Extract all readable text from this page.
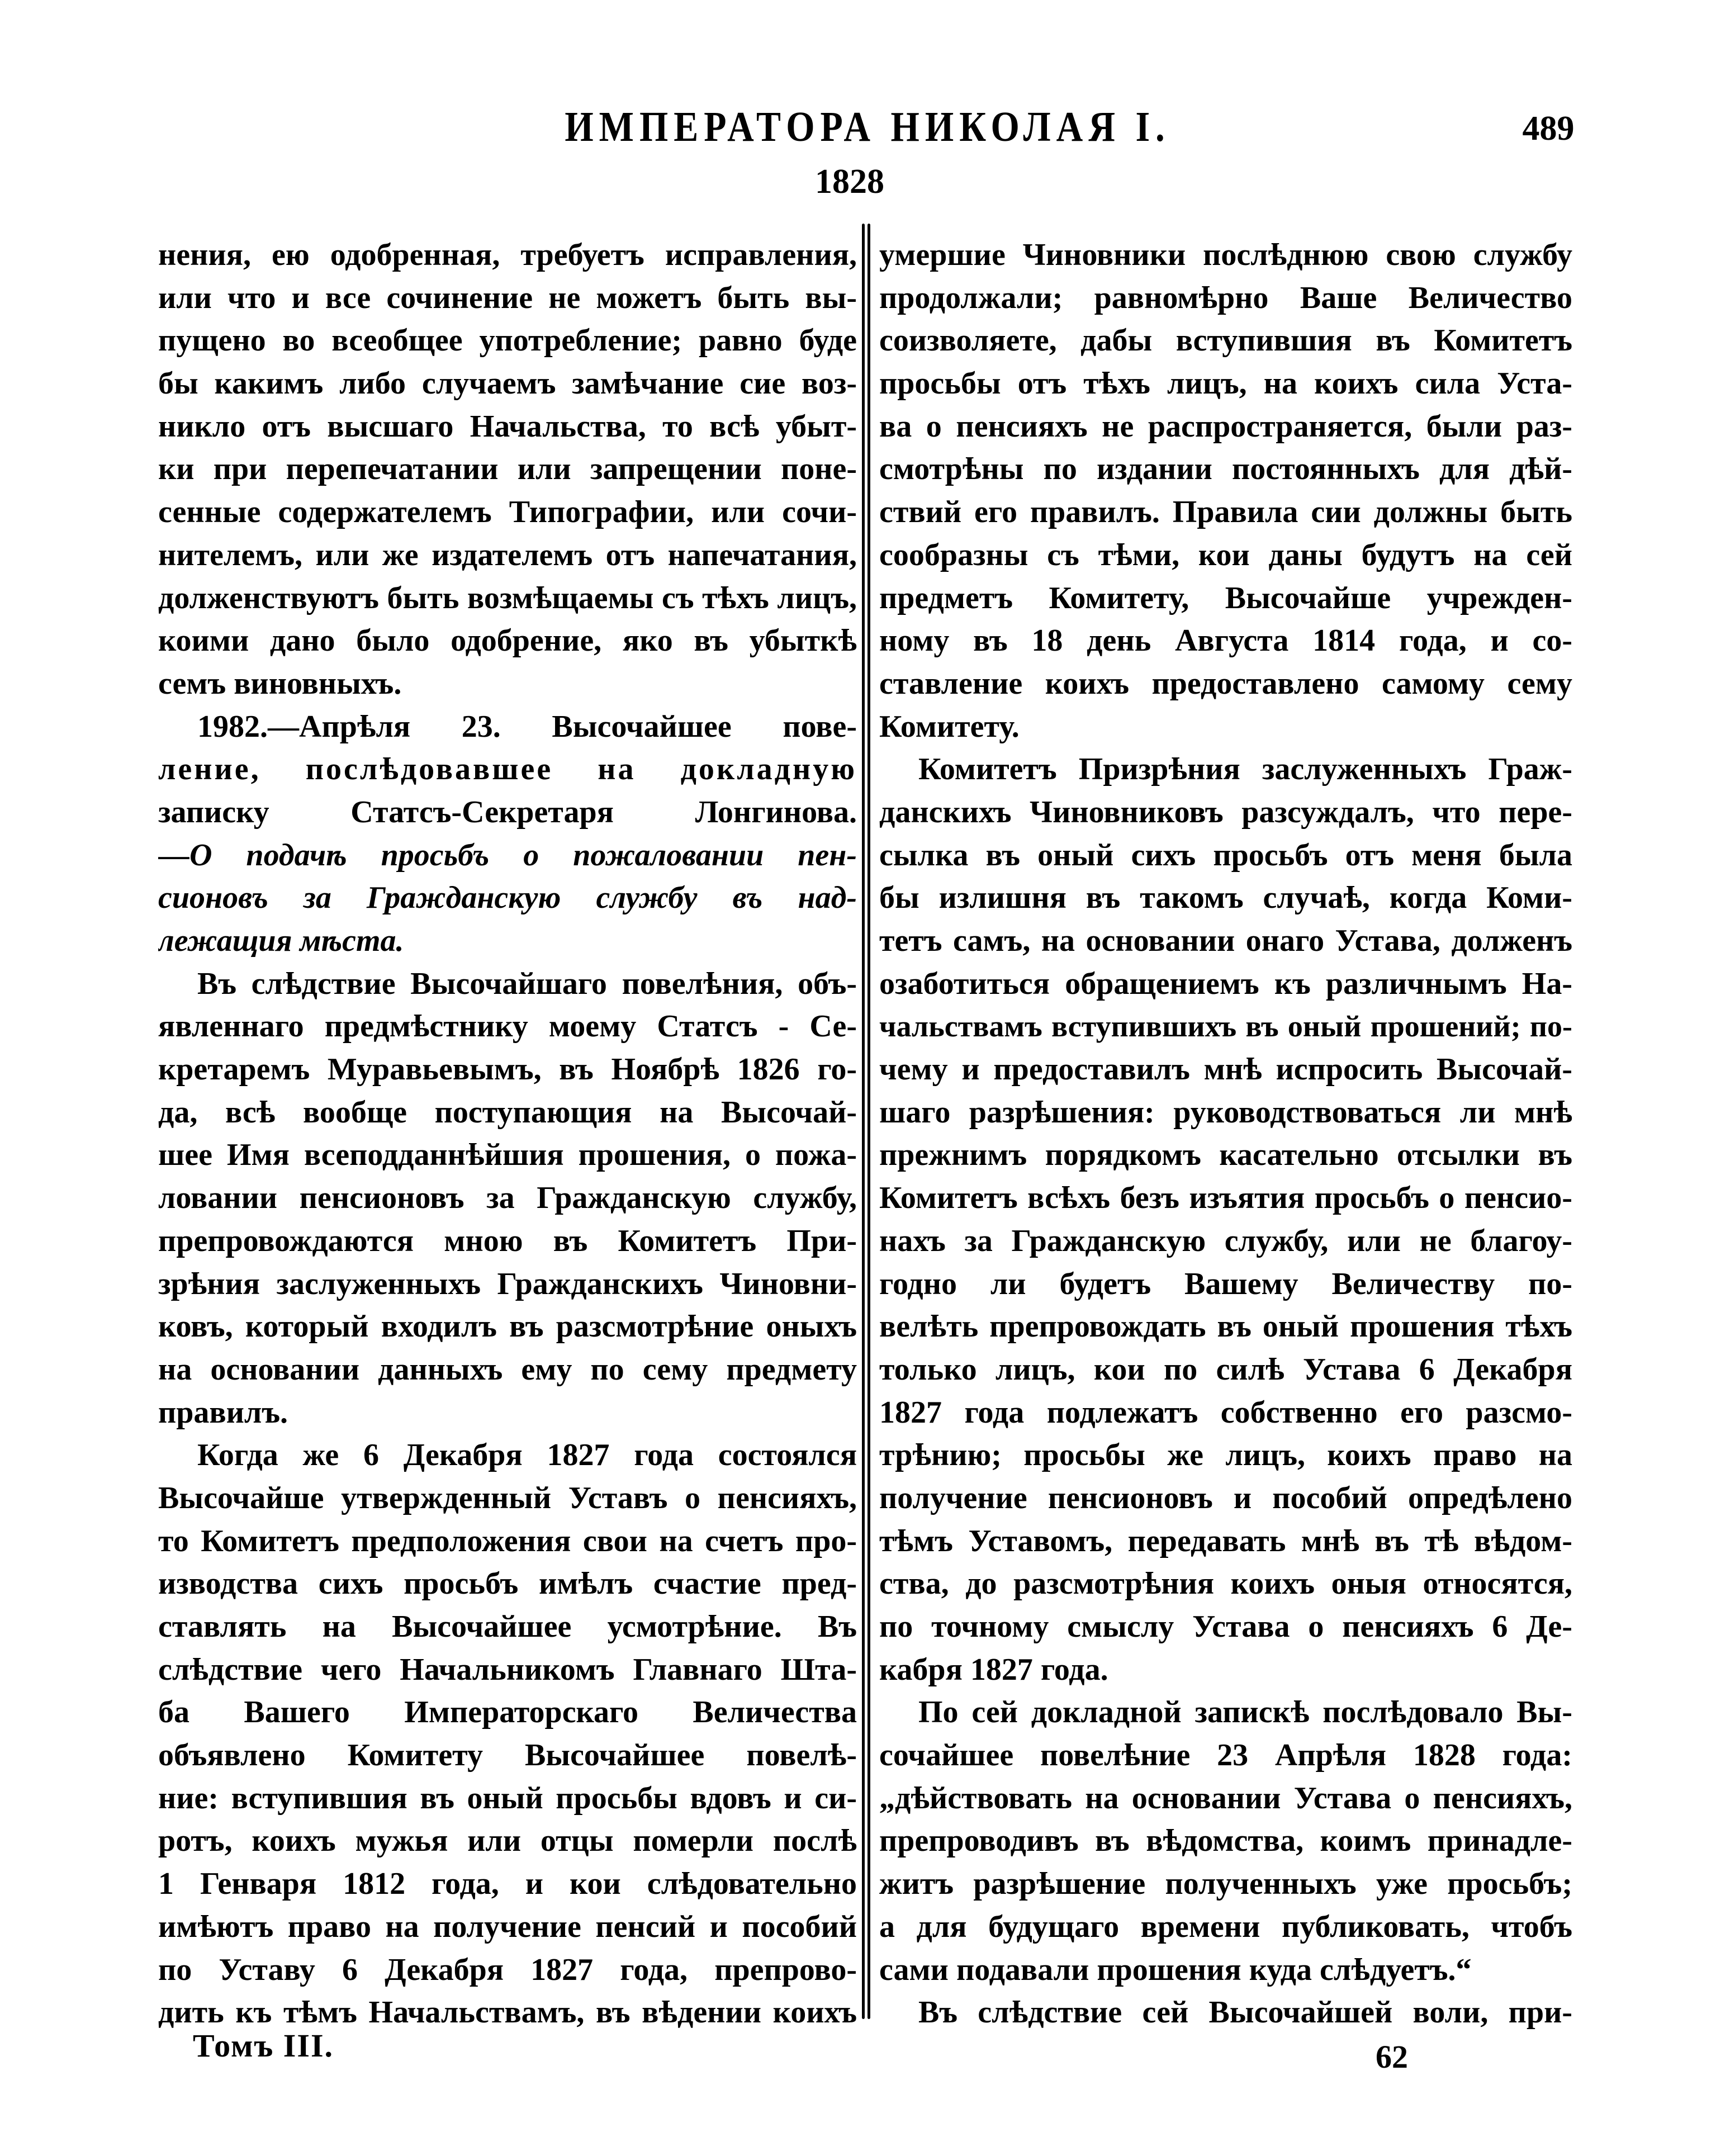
ИМПЕРАТОРА НИКОЛАЯ I.	489
1828
нения, ею одобренная, требуетъ исправления,
или что и все сочинение не можетъ быть вы-
пущено во всеобщее употребление; равно буде
бы какимъ либо случаемъ замѣчание сие воз-
никло отъ высшаго Начальства, то всѣ убыт-
ки при перепечатании или запрещении поне-
сенные содержателемъ Типографии, или сочи-
нителемъ, или же издателемъ отъ напечатания,
долженствуютъ быть возмѣщаемы съ тѣхъ лицъ,
коими дано было одобрение, яко въ убыткѣ
семъ виновныхъ.
1982.—Апрѣля 23. Высочайшее пове-
ление, послѣдовавшее на докладную
записку Статсъ-Секретаря Лонгинова.
—О подачѣ просьбъ о пожаловании пен-
сионовъ за Гражданскую службу въ над-
лежащия мѣста.
Въ слѣдствие Высочайшаго повелѣния, объ-
явленнаго предмѣстнику моему Статсъ - Се-
кретаремъ Муравьевымъ, въ Ноябрѣ 1826 го-
да, всѣ вообще поступающия на Высочай-
шее Имя всеподданнѣйшия прошения, о пожа-
ловании пенсионовъ за Гражданскую службу,
препровождаются мною въ Комитетъ При-
зрѣния заслуженныхъ Гражданскихъ Чиновни-
ковъ, который входилъ въ разсмотрѣние оныхъ
на основании данныхъ ему по сему предмету
правилъ.
Когда же 6 Декабря 1827 года состоялся
Высочайше утвержденный Уставъ о пенсияхъ,
то Комитетъ предположения свои на счетъ про-
изводства сихъ просьбъ имѣлъ счастие пред-
ставлять на Высочайшее усмотрѣние. Въ
слѣдствие чего Начальникомъ Главнаго Шта-
ба Вашего Императорскаго Величества
объявлено Комитету Высочайшее повелѣ-
ние: вступившия въ оный просьбы вдовъ и си-
ротъ, коихъ мужья или отцы померли послѣ
1 Генваря 1812 года, и кои слѣдовательно
имѣютъ право на получение пенсий и пособий
по Уставу 6 Декабря 1827 года, препрово-
дить къ тѣмъ Начальствамъ, въ вѣдении коихъ
умершие Чиновники послѣднюю свою службу
продолжали; равномѣрно Ваше Величество
соизволяете, дабы вступившия въ Комитетъ
просьбы отъ тѣхъ лицъ, на коихъ сила Уста-
ва о пенсияхъ не распространяется, были раз-
смотрѣны по издании постоянныхъ для дѣй-
ствий его правилъ. Правила сии должны быть
сообразны съ тѣми, кои даны будутъ на сей
предметъ Комитету, Высочайше учрежден-
ному въ 18 день Августа 1814 года, и со-
ставление коихъ предоставлено самому сему
Комитету.
Комитетъ Призрѣния заслуженныхъ Граж-
данскихъ Чиновниковъ разсуждалъ, что пере-
сылка въ оный сихъ просьбъ отъ меня была
бы излишня въ такомъ случаѣ, когда Коми-
тетъ самъ, на основании онаго Устава, долженъ
озаботиться обращениемъ къ различнымъ На-
чальствамъ вступившихъ въ оный прошений; по-
чему и предоставилъ мнѣ испросить Высочай-
шаго разрѣшения: руководствоваться ли мнѣ
прежнимъ порядкомъ касательно отсылки въ
Комитетъ всѣхъ безъ изъятия просьбъ о пенсио-
нахъ за Гражданскую службу, или не благоу-
годно ли будетъ Вашему Величеству по-
велѣть препровождать въ оный прошения тѣхъ
только лицъ, кои по силѣ Устава 6 Декабря
1827 года подлежатъ собственно его разсмо-
трѣнию; просьбы же лицъ, коихъ право на
получение пенсионовъ и пособий опредѣлено
тѣмъ Уставомъ, передавать мнѣ въ тѣ вѣдом-
ства, до разсмотрѣния коихъ оныя относятся,
по точному смыслу Устава о пенсияхъ 6 Де-
кабря 1827 года.
По сей докладной запискѣ послѣдовало Вы-
сочайшее повелѣние 23 Апрѣля 1828 года:
„дѣйствовать на основании Устава о пенсияхъ,
препроводивъ въ вѣдомства, коимъ принадле-
житъ разрѣшение полученныхъ уже просьбъ;
а для будущаго времени публиковать, чтобъ
сами подавали прошения куда слѣдуетъ.“
Въ слѣдствие сей Высочайшей воли, при-
Томъ III.	62
